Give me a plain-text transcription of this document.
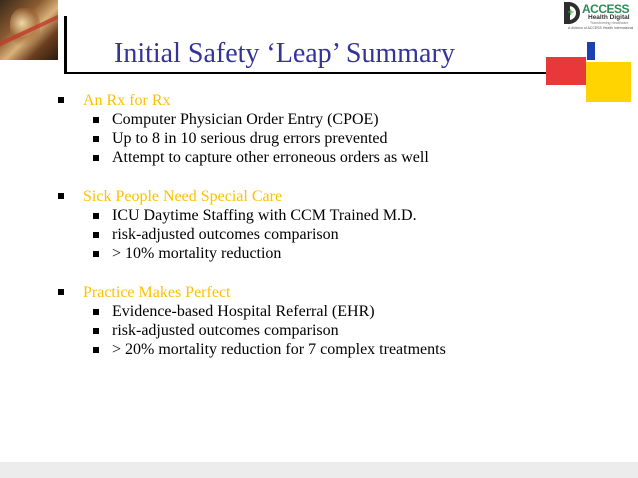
Initial Safety ‘Leap’ Summary
+ ACCESS
Health Digital
Transforming Healthcare
A division of ACCESS Health International
An Rx for Rx
Computer Physician Order Entry (CPOE)
Up to 8 in 10 serious drug errors prevented
Attempt to capture other erroneous orders as well
Sick People Need Special Care
ICU Daytime Staffing with CCM Trained M.D.
risk-adjusted outcomes comparison
> 10% mortality reduction
Practice Makes Perfect
Evidence-based Hospital Referral (EHR)
risk-adjusted outcomes comparison
> 20% mortality reduction for 7 complex treatments
